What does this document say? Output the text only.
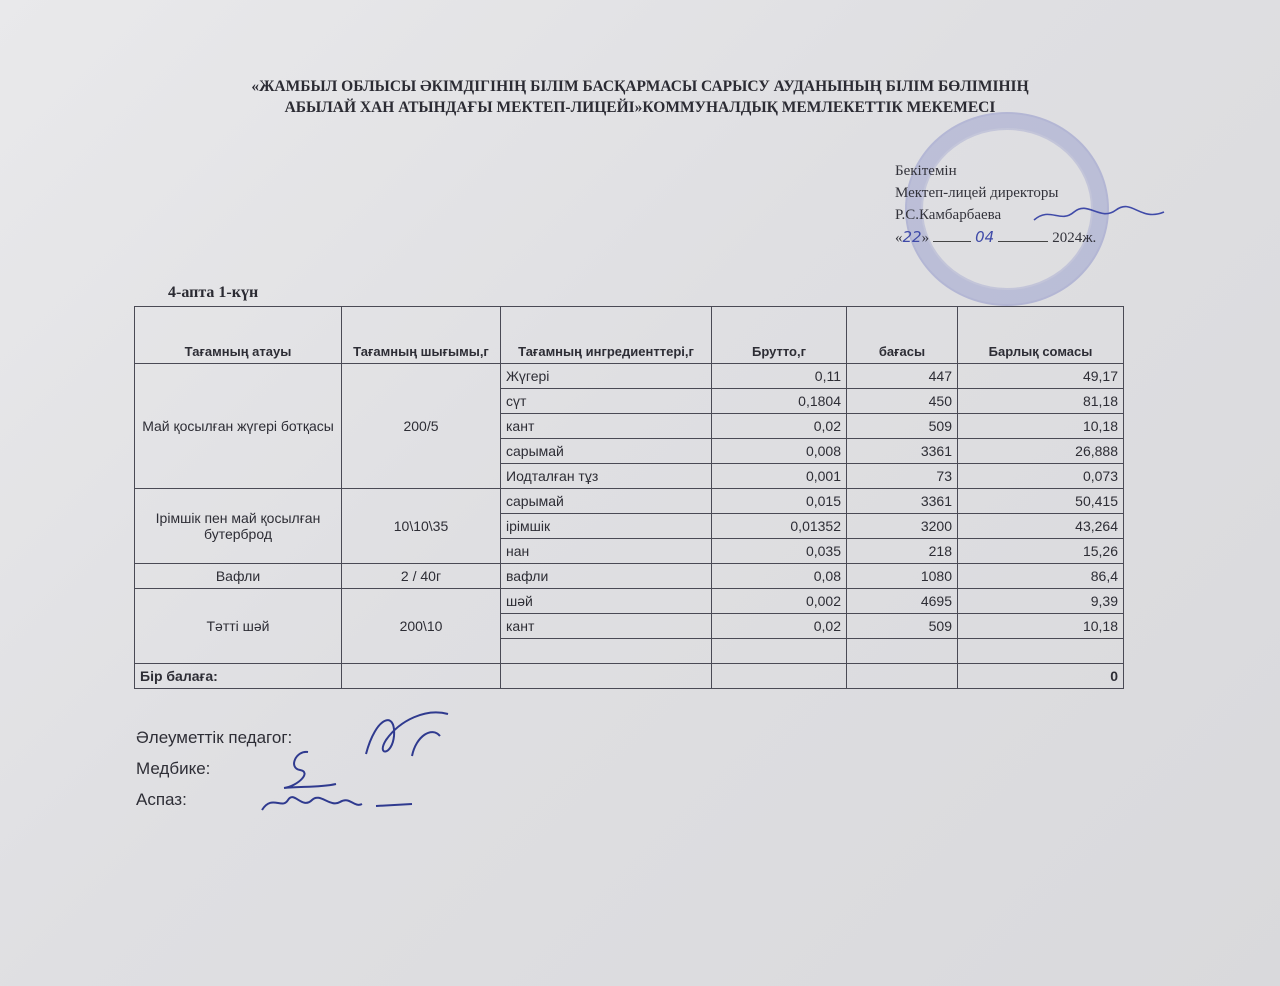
«ЖАМБЫЛ ОБЛЫСЫ ӘКІМДІГІНІҢ БІЛІМ БАСҚАРМАСЫ САРЫСУ АУДАНЫНЫҢ БІЛІМ БӨЛІМІНІҢ
АБЫЛАЙ ХАН АТЫНДАҒЫ МЕКТЕП-ЛИЦЕЙІ»КОММУНАЛДЫҚ МЕМЛЕКЕТТІК МЕКЕМЕСІ
Бекітемін
Мектеп-лицей директоры
Р.С.Камбарбаева
«22»	04	2024ж.
4-апта 1-күн
Тағамның атауы	Тағамның шығымы,г	Тағамның ингредиенттері,г	Брутто,г	бағасы	Барлық сомасы
Май қосылған жүгері ботқасы	200/5	Жүгері	0,11	447	49,17
		сүт	0,1804	450	81,18
		кант	0,02	509	10,18
		сарымай	0,008	3361	26,888
		Иодталған тұз	0,001	73	0,073
Ірімшік пен май қосылған бутерброд	10\10\35	сарымай	0,015	3361	50,415
		ірімшік	0,01352	3200	43,264
		нан	0,035	218	15,26
Вафли	2 / 40г	вафли	0,08	1080	86,4
Тәтті шәй	200\10	шәй	0,002	4695	9,39
		кант	0,02	509	10,18

Бір балаға:					0
Әлеуметтік педагог:
Медбике:
Аспаз:
